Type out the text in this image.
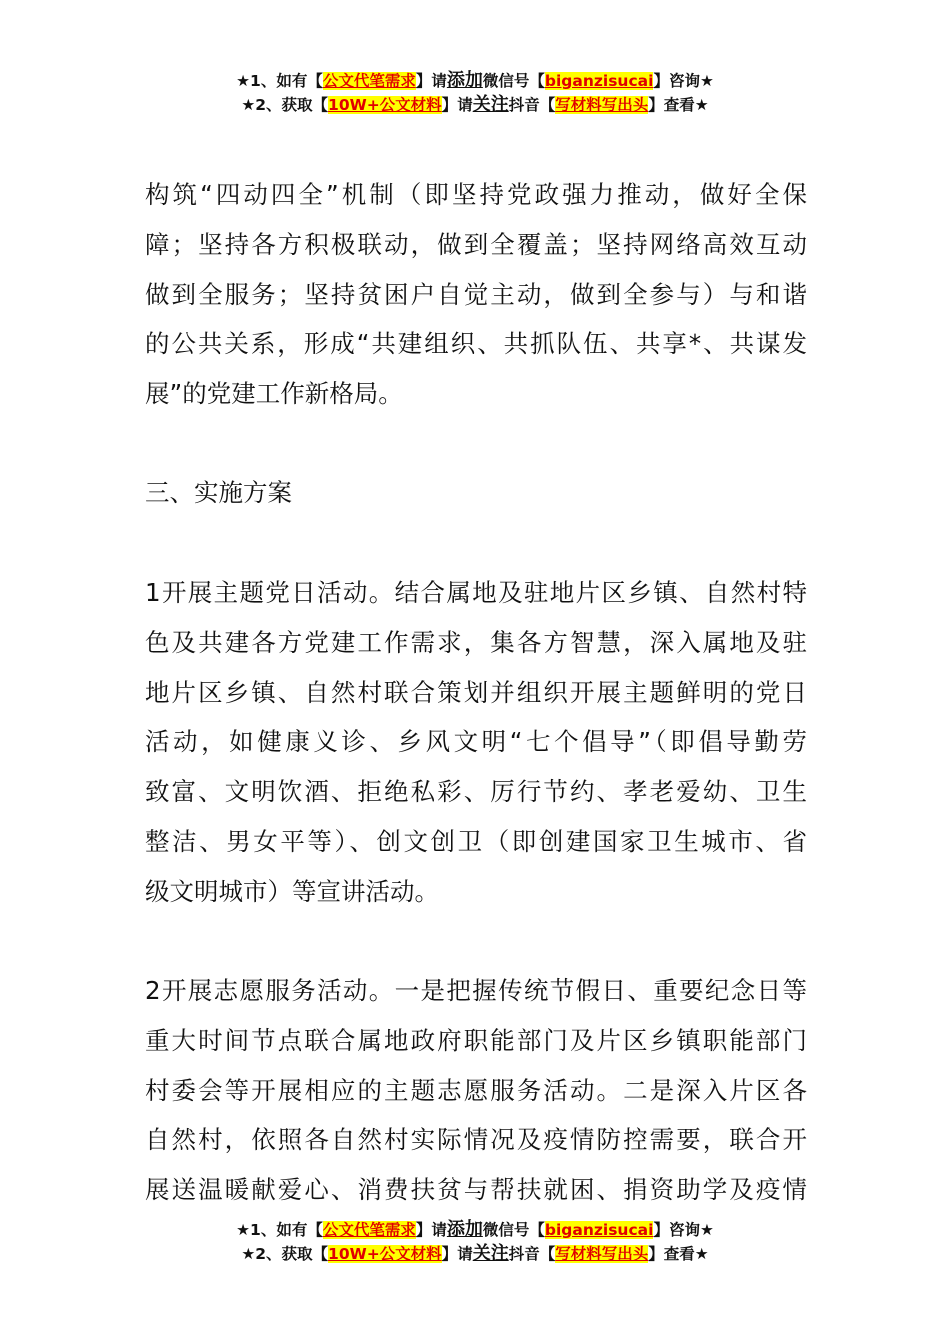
★1、如有【公文代笔需求】请添加微信号【biganzisucai】咨询★
★2、获取【10W+公文材料】请关注抖音【写材料写出头】查看★
构筑“四动四全”机制（即坚持党政强力推动，做好全保
障；坚持各方积极联动，做到全覆盖；坚持网络高效互动
做到全服务；坚持贫困户自觉主动，做到全参与）与和谐
的公共关系，形成“共建组织、共抓队伍、共享*、共谋发
展”的党建工作新格局。
三、实施方案
1开展主题党日活动。结合属地及驻地片区乡镇、自然村特
色及共建各方党建工作需求，集各方智慧，深入属地及驻
地片区乡镇、自然村联合策划并组织开展主题鲜明的党日
活动，如健康义诊、乡风文明“七个倡导”（即倡导勤劳
致富、文明饮酒、拒绝私彩、厉行节约、孝老爱幼、卫生
整洁、男女平等）、创文创卫（即创建国家卫生城市、省
级文明城市）等宣讲活动。
2开展志愿服务活动。一是把握传统节假日、重要纪念日等
重大时间节点联合属地政府职能部门及片区乡镇职能部门
村委会等开展相应的主题志愿服务活动。二是深入片区各
自然村，依照各自然村实际情况及疫情防控需要，联合开
展送温暖献爱心、消费扶贫与帮扶就困、捐资助学及疫情
★1、如有【公文代笔需求】请添加微信号【biganzisucai】咨询★
★2、获取【10W+公文材料】请关注抖音【写材料写出头】查看★
